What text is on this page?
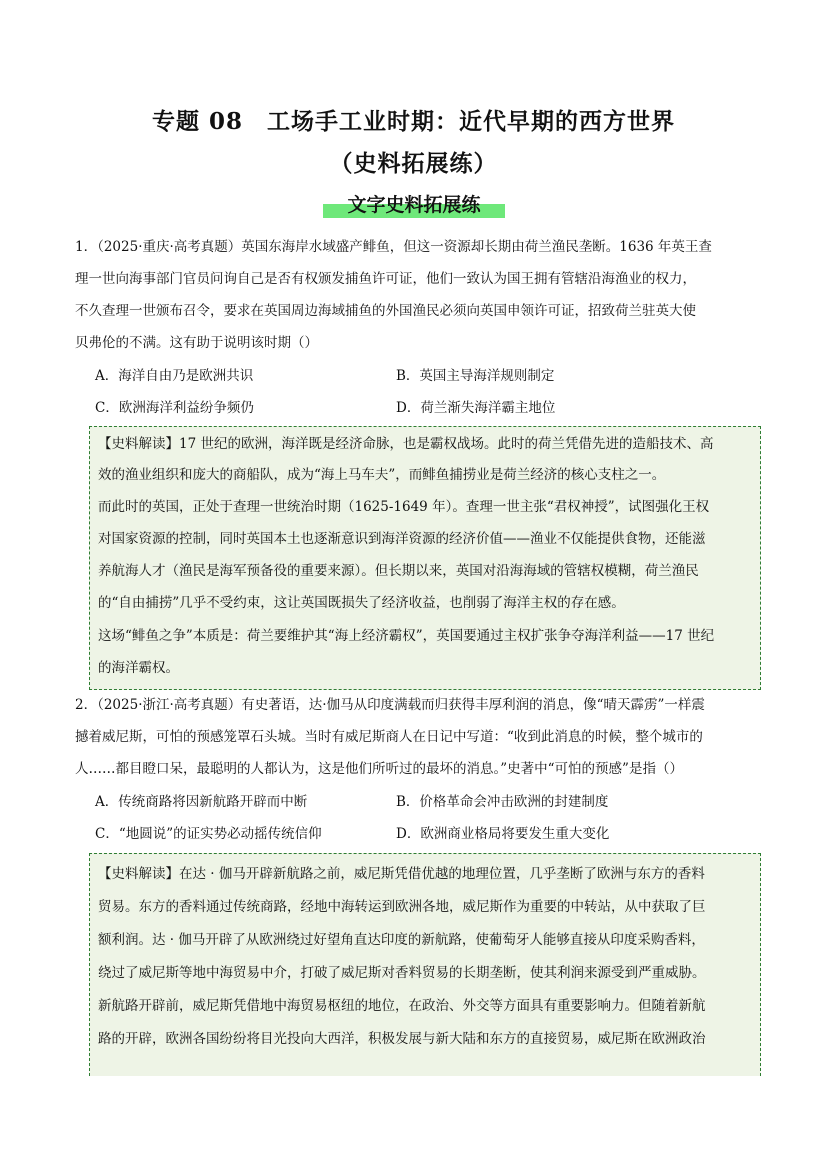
专题 08　工场手工业时期：近代早期的西方世界
（史料拓展练）
文字史料拓展练
1．（2025·重庆·高考真题）英国东海岸水域盛产鲱鱼，但这一资源却长期由荷兰渔民垄断。1636 年英王查
理一世向海事部门官员问询自己是否有权颁发捕鱼许可证，他们一致认为国王拥有管辖沿海渔业的权力，
不久查理一世颁布召令，要求在英国周边海域捕鱼的外国渔民必须向英国申领许可证，招致荷兰驻英大使
贝弗伦的不满。这有助于说明该时期（）
A．海洋自由乃是欧洲共识	B．英国主导海洋规则制定
C．欧洲海洋利益纷争频仍	D．荷兰渐失海洋霸主地位
【史料解读】17 世纪的欧洲，海洋既是经济命脉，也是霸权战场。此时的荷兰凭借先进的造船技术、高
效的渔业组织和庞大的商船队，成为“海上马车夫”，而鲱鱼捕捞业是荷兰经济的核心支柱之一。
而此时的英国，正处于查理一世统治时期（1625-1649 年）。查理一世主张“君权神授”，试图强化王权
对国家资源的控制，同时英国本土也逐渐意识到海洋资源的经济价值——渔业不仅能提供食物，还能滋
养航海人才（渔民是海军预备役的重要来源）。但长期以来，英国对沿海海域的管辖权模糊，荷兰渔民
的“自由捕捞”几乎不受约束，这让英国既损失了经济收益，也削弱了海洋主权的存在感。
这场“鲱鱼之争”本质是：荷兰要维护其“海上经济霸权”，英国要通过主权扩张争夺海洋利益——17 世纪
的海洋霸权。
2．（2025·浙江·高考真题）有史著语，达·伽马从印度满载而归获得丰厚利润的消息，像“晴天霹雳”一样震
撼着威尼斯，可怕的预感笼罩石头城。当时有威尼斯商人在日记中写道：“收到此消息的时候，整个城市的
人……都目瞪口呆，最聪明的人都认为，这是他们所听过的最坏的消息。”史著中“可怕的预感”是指（）
A．传统商路将因新航路开辟而中断	B．价格革命会冲击欧洲的封建制度
C．“地圆说”的证实势必动摇传统信仰	D．欧洲商业格局将要发生重大变化
【史料解读】在达 · 伽马开辟新航路之前，威尼斯凭借优越的地理位置，几乎垄断了欧洲与东方的香料
贸易。东方的香料通过传统商路，经地中海转运到欧洲各地，威尼斯作为重要的中转站，从中获取了巨
额利润。达 · 伽马开辟了从欧洲绕过好望角直达印度的新航路，使葡萄牙人能够直接从印度采购香料，
绕过了威尼斯等地中海贸易中介，打破了威尼斯对香料贸易的长期垄断，使其利润来源受到严重威胁。
新航路开辟前，威尼斯凭借地中海贸易枢纽的地位，在政治、外交等方面具有重要影响力。但随着新航
路的开辟，欧洲各国纷纷将目光投向大西洋，积极发展与新大陆和东方的直接贸易，威尼斯在欧洲政治
